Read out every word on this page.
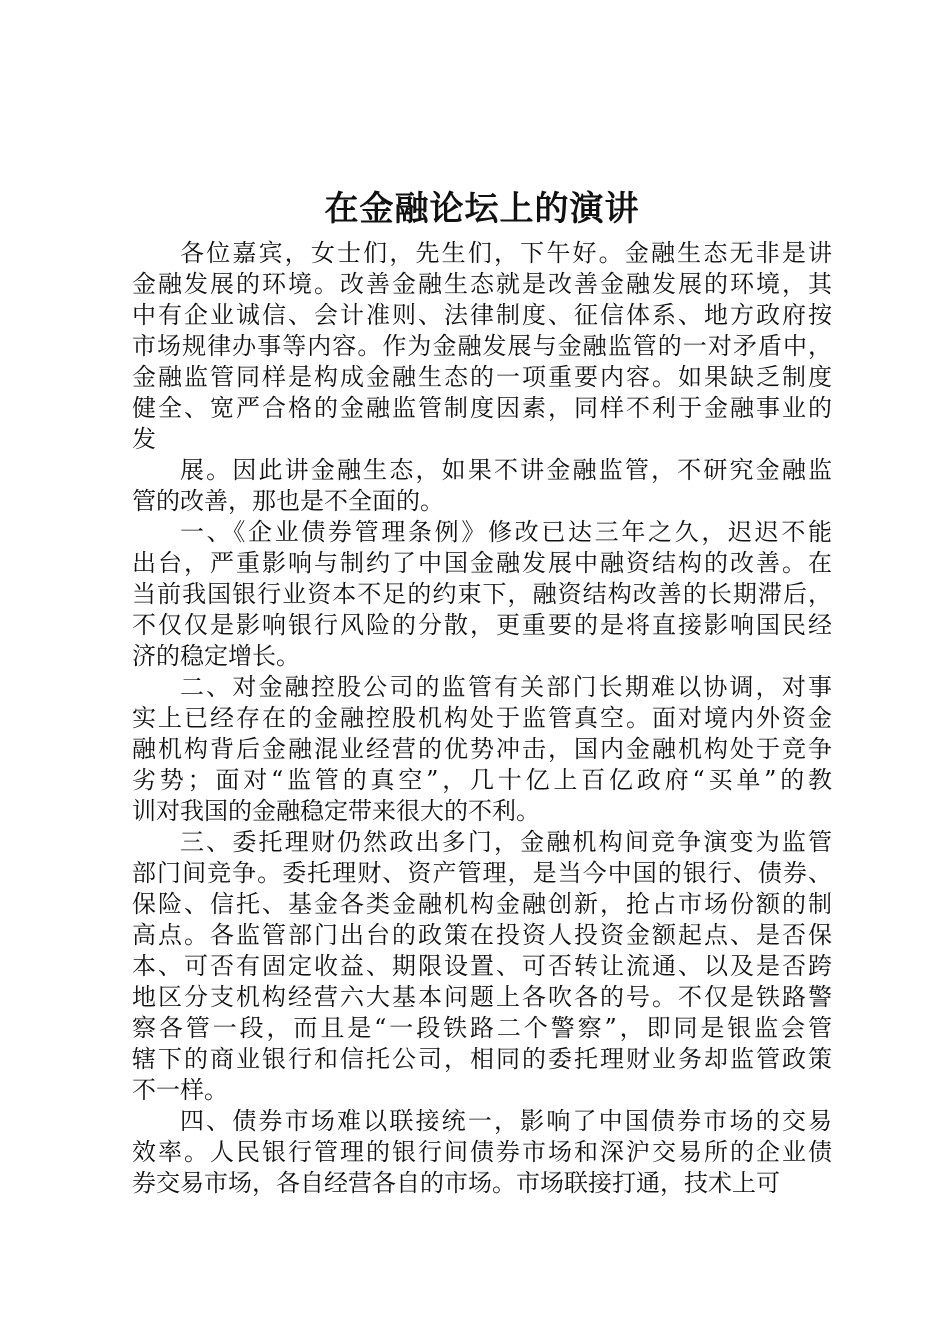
在金融论坛上的演讲
各位嘉宾，女士们，先生们，下午好。金融生态无非是讲
金融发展的环境。改善金融生态就是改善金融发展的环境，其
中有企业诚信、会计准则、法律制度、征信体系、地方政府按
市场规律办事等内容。作为金融发展与金融监管的一对矛盾中，
金融监管同样是构成金融生态的一项重要内容。如果缺乏制度
健全、宽严合格的金融监管制度因素，同样不利于金融事业的
发
展。因此讲金融生态，如果不讲金融监管，不研究金融监
管的改善，那也是不全面的。
一、《企业债券管理条例》修改已达三年之久，迟迟不能
出台，严重影响与制约了中国金融发展中融资结构的改善。在
当前我国银行业资本不足的约束下，融资结构改善的长期滞后，
不仅仅是影响银行风险的分散，更重要的是将直接影响国民经
济的稳定增长。
二、对金融控股公司的监管有关部门长期难以协调，对事
实上已经存在的金融控股机构处于监管真空。面对境内外资金
融机构背后金融混业经营的优势冲击，国内金融机构处于竞争
劣势；面对“监管的真空”，几十亿上百亿政府“买单”的教
训对我国的金融稳定带来很大的不利。
三、委托理财仍然政出多门，金融机构间竞争演变为监管
部门间竞争。委托理财、资产管理，是当今中国的银行、债券、
保险、信托、基金各类金融机构金融创新，抢占市场份额的制
高点。各监管部门出台的政策在投资人投资金额起点、是否保
本、可否有固定收益、期限设置、可否转让流通、以及是否跨
地区分支机构经营六大基本问题上各吹各的号。不仅是铁路警
察各管一段，而且是“一段铁路二个警察”，即同是银监会管
辖下的商业银行和信托公司，相同的委托理财业务却监管政策
不一样。
四、债券市场难以联接统一，影响了中国债券市场的交易
效率。人民银行管理的银行间债券市场和深沪交易所的企业债
券交易市场，各自经营各自的市场。市场联接打通，技术上可
